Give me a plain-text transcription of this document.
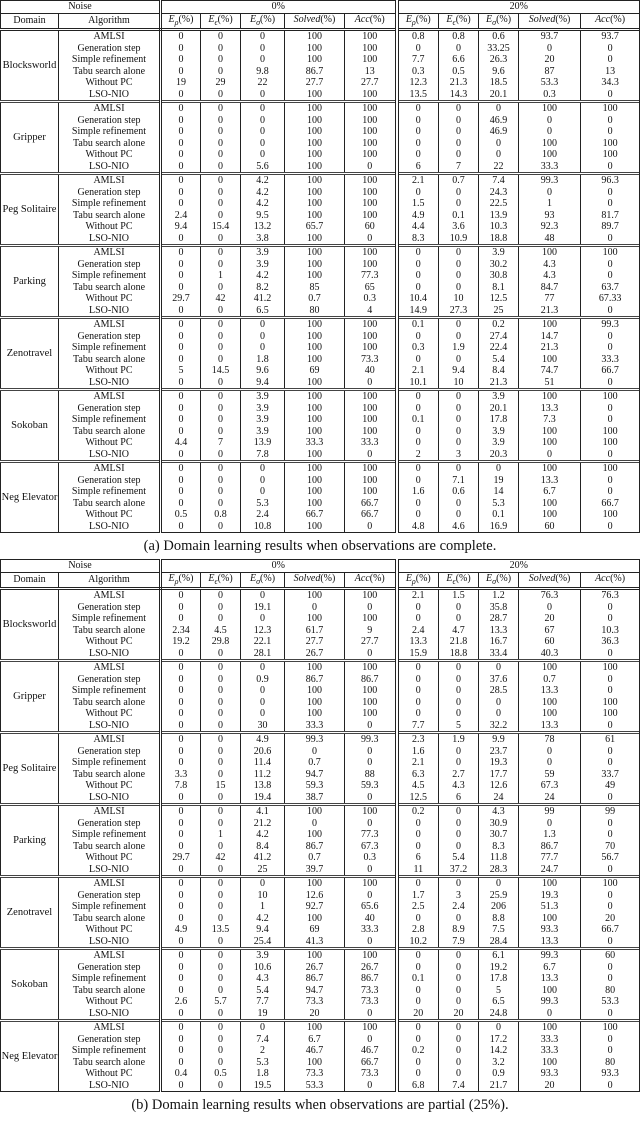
Noise		0%					20%				
Domain	Algorithm	$E_\rho(\%)$	$E_\epsilon(\%)$	$E_\sigma(\%)$	Solved(%)	Acc(%)	$E_\rho(\%)$	$E_\epsilon(\%)$	$E_\sigma(\%)$	Solved(%)	Acc(%)
Blocksworld	AMLSI	0	0	0	100	100	0.8	0.8	0.6	93.7	93.7
	Generation step	0	0	0	100	100	0	0	33.25	0	0
	Simple refinement	0	0	0	100	100	7.7	6.6	26.3	20	0
	Tabu search alone	0	0	9.8	86.7	13	0.3	0.5	9.6	87	13
	Without PC	19	29	22	27.7	27.7	12.3	21.3	18.5	53.3	34.3
	LSO-NIO	0	0	0	100	100	13.5	14.3	20.1	0.3	0
Gripper	AMLSI	0	0	0	100	100	0	0	0	100	100
	Generation step	0	0	0	100	100	0	0	46.9	0	0
	Simple refinement	0	0	0	100	100	0	0	46.9	0	0
	Tabu search alone	0	0	0	100	100	0	0	0	100	100
	Without PC	0	0	0	100	100	0	0	0	100	100
	LSO-NIO	0	0	5.6	100	0	6	7	22	33.3	0
Peg Solitaire	AMLSI	0	0	4.2	100	100	2.1	0.7	7.4	99.3	96.3
	Generation step	0	0	4.2	100	100	0	0	24.3	0	0
	Simple refinement	0	0	4.2	100	100	1.5	0	22.5	1	0
	Tabu search alone	2.4	0	9.5	100	100	4.9	0.1	13.9	93	81.7
	Without PC	9.4	15.4	13.2	65.7	60	4.4	3.6	10.3	92.3	89.7
	LSO-NIO	0	0	3.8	100	0	8.3	10.9	18.8	48	0
Parking	AMLSI	0	0	3.9	100	100	0	0	3.9	100	100
	Generation step	0	0	3.9	100	100	0	0	30.2	4.3	0
	Simple refinement	0	1	4.2	100	77.3	0	0	30.8	4.3	0
	Tabu search alone	0	0	8.2	85	65	0	0	8.1	84.7	63.7
	Without PC	29.7	42	41.2	0.7	0.3	10.4	10	12.5	77	67.33
	LSO-NIO	0	0	6.5	80	4	14.9	27.3	25	21.3	0
Zenotravel	AMLSI	0	0	0	100	100	0.1	0	0.2	100	99.3
	Generation step	0	0	0	100	100	0	0	27.4	14.7	0
	Simple refinement	0	0	0	100	100	0.3	1.9	22.4	21.3	0
	Tabu search alone	0	0	1.8	100	73.3	0	0	5.4	100	33.3
	Without PC	5	14.5	9.6	69	40	2.1	9.4	8.4	74.7	66.7
	LSO-NIO	0	0	9.4	100	0	10.1	10	21.3	51	0
Sokoban	AMLSI	0	0	3.9	100	100	0	0	3.9	100	100
	Generation step	0	0	3.9	100	100	0	0	20.1	13.3	0
	Simple refinement	0	0	3.9	100	100	0.1	0	17.8	7.3	0
	Tabu search alone	0	0	3.9	100	100	0	0	3.9	100	100
	Without PC	4.4	7	13.9	33.3	33.3	0	0	3.9	100	100
	LSO-NIO	0	0	7.8	100	0	2	3	20.3	0	0
Neg Elevator	AMLSI	0	0	0	100	100	0	0	0	100	100
	Generation step	0	0	0	100	100	0	7.1	19	13.3	0
	Simple refinement	0	0	0	100	100	1.6	0.6	14	6.7	0
	Tabu search alone	0	0	5.3	100	66.7	0	0	5.3	100	66.7
	Without PC	0.5	0.8	2.4	66.7	66.7	0	0	0.1	100	100
	LSO-NIO	0	0	10.8	100	0	4.8	4.6	16.9	60	0

(a) Domain learning results when observations are complete.

Noise		0%					20%				
Domain	Algorithm	$E_\rho(\%)$	$E_\epsilon(\%)$	$E_\sigma(\%)$	Solved(%)	Acc(%)	$E_\rho(\%)$	$E_\epsilon(\%)$	$E_\sigma(\%)$	Solved(%)	Acc(%)
Blocksworld	AMLSI	0	0	0	100	100	2.1	1.5	1.2	76.3	76.3
	Generation step	0	0	19.1	0	0	0	0	35.8	0	0
	Simple refinement	0	0	0	100	100	0	0	28.7	20	0
	Tabu search alone	2.34	4.5	12.3	61.7	9	2.4	4.7	13.3	67	10.3
	Without PC	19.2	29.8	22.1	27.7	27.7	13.3	21.8	16.7	60	36.3
	LSO-NIO	0	0	28.1	26.7	0	15.9	18.8	33.4	40.3	0
Gripper	AMLSI	0	0	0	100	100	0	0	0	100	100
	Generation step	0	0	0.9	86.7	86.7	0	0	37.6	0.7	0
	Simple refinement	0	0	0	100	100	0	0	28.5	13.3	0
	Tabu search alone	0	0	0	100	100	0	0	0	100	100
	Without PC	0	0	0	100	100	0	0	0	100	100
	LSO-NIO	0	0	30	33.3	0	7.7	5	32.2	13.3	0
Peg Solitaire	AMLSI	0	0	4.9	99.3	99.3	2.3	1.9	9.9	78	61
	Generation step	0	0	20.6	0	0	1.6	0	23.7	0	0
	Simple refinement	0	0	11.4	0.7	0	2.1	0	19.3	0	0
	Tabu search alone	3.3	0	11.2	94.7	88	6.3	2.7	17.7	59	33.7
	Without PC	7.8	15	13.8	59.3	59.3	4.5	4.3	12.6	67.3	49
	LSO-NIO	0	0	19.4	38.7	0	12.5	6	24	24	0
Parking	AMLSI	0	0	4.1	100	100	0.2	0	4.3	99	99
	Generation step	0	0	21.2	0	0	0	0	30.9	0	0
	Simple refinement	0	1	4.2	100	77.3	0	0	30.7	1.3	0
	Tabu search alone	0	0	8.4	86.7	67.3	0	0	8.3	86.7	70
	Without PC	29.7	42	41.2	0.7	0.3	6	5.4	11.8	77.7	56.7
	LSO-NIO	0	0	25	39.7	0	11	37.2	28.3	24.7	0
Zenotravel	AMLSI	0	0	0	100	100	0	0	0	100	100
	Generation step	0	0	10	12.6	0	1.7	3	25.9	19.3	0
	Simple refinement	0	0	1	92.7	65.6	2.5	2.4	206	51.3	0
	Tabu search alone	0	0	4.2	100	40	0	0	8.8	100	20
	Without PC	4.9	13.5	9.4	69	33.3	2.8	8.9	7.5	93.3	66.7
	LSO-NIO	0	0	25.4	41.3	0	10.2	7.9	28.4	13.3	0
Sokoban	AMLSI	0	0	3.9	100	100	0	0	6.1	99.3	60
	Generation step	0	0	10.6	26.7	26.7	0	0	19.2	6.7	0
	Simple refinement	0	0	4.3	86.7	86.7	0.1	0	17.8	13.3	0
	Tabu search alone	0	0	5.4	94.7	73.3	0	0	5	100	80
	Without PC	2.6	5.7	7.7	73.3	73.3	0	0	6.5	99.3	53.3
	LSO-NIO	0	0	19	20	0	20	20	24.8	0	0
Neg Elevator	AMLSI	0	0	0	100	100	0	0	0	100	100
	Generation step	0	0	7.4	6.7	0	0	0	17.2	33.3	0
	Simple refinement	0	0	2	46.7	46.7	0.2	0	14.2	33.3	0
	Tabu search alone	0	0	5.3	100	66.7	0	0	3.2	100	80
	Without PC	0.4	0.5	1.8	73.3	73.3	0	0	0.9	93.3	93.3
	LSO-NIO	0	0	19.5	53.3	0	6.8	7.4	21.7	20	0

(b) Domain learning results when observations are partial (25%).
